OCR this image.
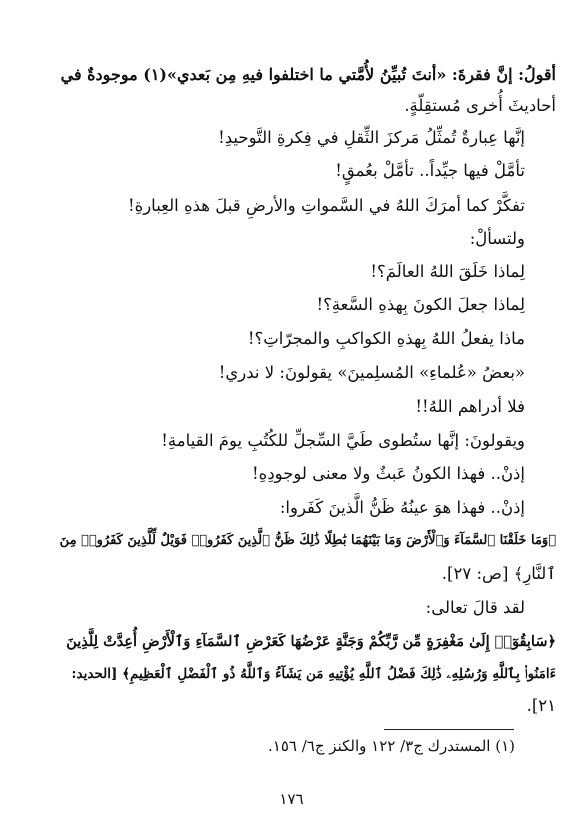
أقولُ: إنَّ فقرةَ: «أنتَ تُبيِّنُ لأُمَّتي ما اختلفوا فيهِ مِن بَعدي»(١) موجودةٌ في
أحاديثَ أُخرى مُستقِلّةٍ.
إنَّها عِبارةٌ تُمثِّلُ مَركزَ الثِّقلِ في فِكرةِ التَّوحيدِ!
تأمَّلْ فيها جيِّداً.. تأمَّلْ بعُمقٍ!
تفكَّرْ كما أمرَكَ اللهُ في السَّمواتِ والأرضِ قبلَ هذهِ العِبارةِ!
ولتسألْ:
لِماذا خَلَقَ اللهُ العالَمَ؟!
لِماذا جعلَ الكونَ بِهذهِ السَّعةِ؟!
ماذا يفعلُ اللهُ بِهذهِ الكواكبِ والمجرّاتِ؟!
«بعضُ «عُلماءِ» المُسلِمينَ» يقولونَ: لا ندري!
فلا أدراهم اللهُ!!
ويقولونَ: إنَّها ستُطوى طَيَّ السِّجلِّ للكُتُبِ يومَ القيامةِ!
إذنْ.. فهذا الكونُ عَبثٌ ولا معنى لوجودِهِ!
إذنْ.. فهذا هوَ عينُهُ ظَنُّ الَّذينَ كَفَروا:
﴿وَمَا خَلَقْنَا ٱلسَّمَآءَ وَٱلْأَرْضَ وَمَا بَيْنَهُمَا بَٰطِلًا ذَٰلِكَ ظَنُّ ٱلَّذِينَ كَفَرُوا۟ فَوَيْلٌ لِّلَّذِينَ كَفَرُوا۟ مِنَ
ٱلنَّارِ﴾ [ص: ٢٧].
لقد قالَ تعالى:
﴿سَابِقُوٓا۟ إِلَىٰ مَغْفِرَةٍ مِّن رَّبِّكُمْ وَجَنَّةٍ عَرْضُهَا كَعَرْضِ ٱلسَّمَآءِ وَٱلْأَرْضِ أُعِدَّتْ لِلَّذِينَ
ءَامَنُوا۟ بِٱللَّهِ وَرُسُلِهِۦ ذَٰلِكَ فَضْلُ ٱللَّهِ يُؤْتِيهِ مَن يَشَآءُ وَٱللَّهُ ذُو ٱلْفَضْلِ ٱلْعَظِيمِ﴾ [الحديد:
٢١].
(١) المستدرك ج٣/ ١٢٢ والكنز ج٦/ ١٥٦.
١٧٦
